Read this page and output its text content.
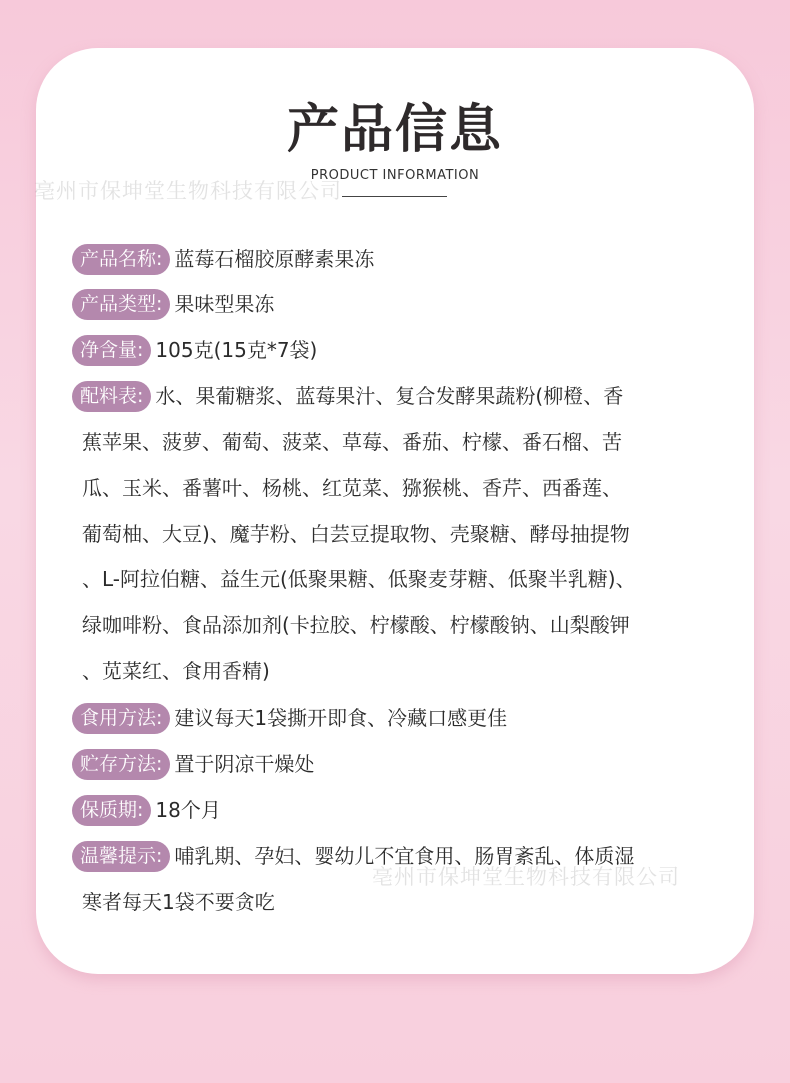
产品信息
PRODUCT INFORMATION
亳州市保坤堂生物科技有限公司
产品名称: 蓝莓石榴胶原酵素果冻
产品类型: 果味型果冻
净含量: 105克(15克*7袋)
配料表: 水、果葡糖浆、蓝莓果汁、复合发酵果蔬粉(柳橙、香
蕉苹果、菠萝、葡萄、菠菜、草莓、番茄、柠檬、番石榴、苦
瓜、玉米、番薯叶、杨桃、红苋菜、猕猴桃、香芹、西番莲、
葡萄柚、大豆)、魔芋粉、白芸豆提取物、壳聚糖、酵母抽提物
、L-阿拉伯糖、益生元(低聚果糖、低聚麦芽糖、低聚半乳糖)、
绿咖啡粉、食品添加剂(卡拉胶、柠檬酸、柠檬酸钠、山梨酸钾
、苋菜红、食用香精)
食用方法: 建议每天1袋撕开即食、冷藏口感更佳
贮存方法: 置于阴凉干燥处
保质期: 18个月
温馨提示: 哺乳期、孕妇、婴幼儿不宜食用、肠胃紊乱、体质湿
寒者每天1袋不要贪吃
亳州市保坤堂生物科技有限公司
